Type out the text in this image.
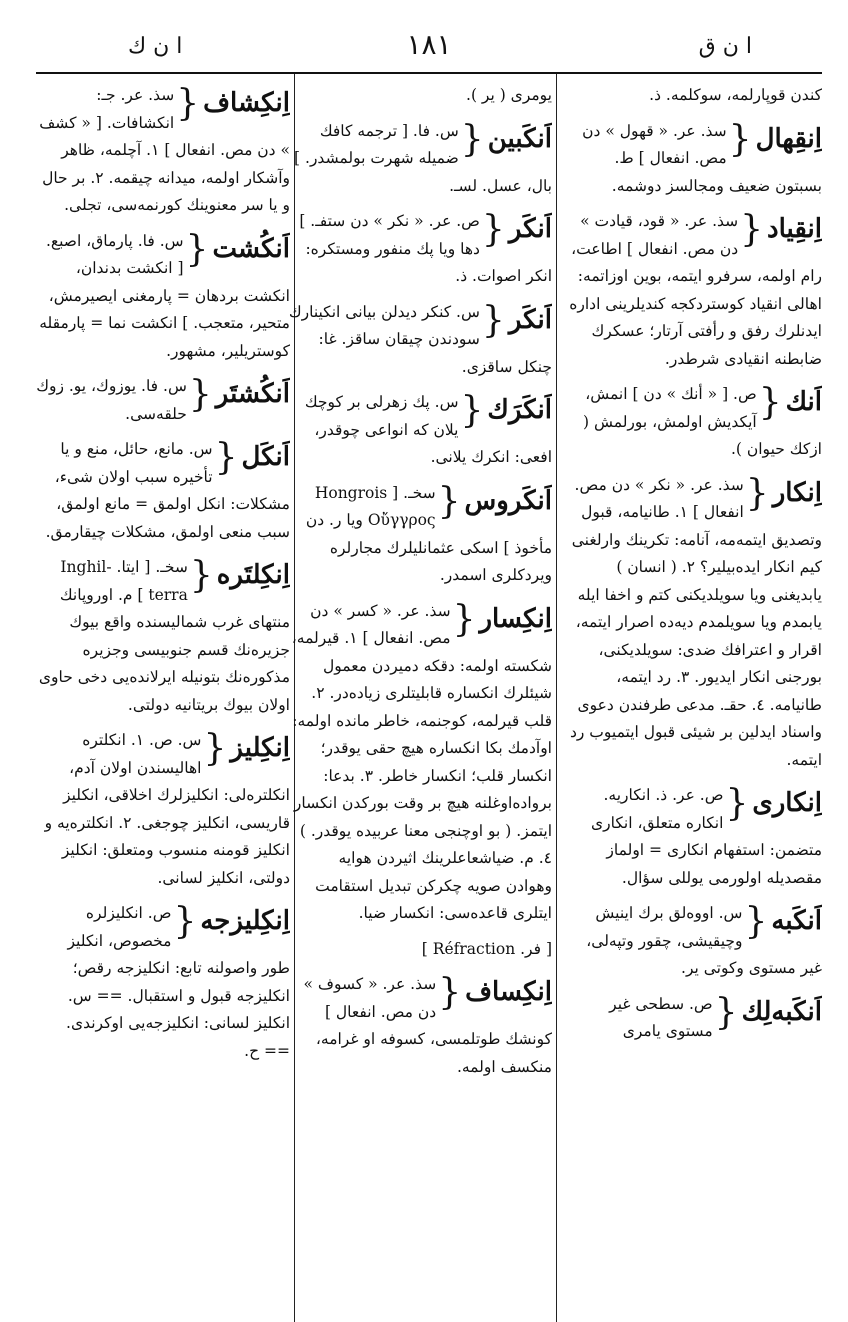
ا ن ك	۱۸۱	ا ن ق
کندن قوپارلمه، سوکلمه. ذ.
اِنقِهال
{
سذ. عر. « قهول » دن مص. انفعال ] ط. بسبتون ضعیف ومجالسز دوشمه.
اِنقِیاد
{
سذ. عر. « قود، قيادت » دن مص. انفعال ] اطاعت، رام اولمه، سرفرو ايتمه، بوين اوزاتمه: اهالی انقیاد کوستردکجه کندیلرینی اداره ایدنلرك رفق و رأفتی آرتار؛ عسکرك ضابطنه انقيادى شرطدر.
اَنك
{
ص. [ « أنك » دن ] انمش، آيكديش اولمش، بورلمش ( ازكك حيوان ).
اِنكار
{
سذ. عر. « نكر » دن مص. انفعال ] ۱. طانيامه، قبول وتصديق ايتمه‌مه، آنامه: تكرينك وارلغنی كيم انكار ايده‌بيلير؟ ۲. ( انسان ) يابديغنی ويا سويلديكنی كتم و اخفا ايله يابمدم ويا سويلمدم ديه‌ده اصرار ايتمه، اقرار و اعترافك ضدی: سويلديكنی، بورجنی انكار ايديور. ۳. رد ايتمه، طانيامه. ٤. حقـ. مدعی طرفندن دعوی واسناد ايدلين بر شيئی قبول ايتميوب رد ايتمه.
اِنكاری
{
ص. عر. ذ. انكاريه. انكاره متعلق، انكاری متضمن: استفهام انكاری = اولماز مقصديله اولورمی يوللی سؤال.
اَنكَبه
{
س. اووه‌لق برك اينيش وچيقيشی، چقور وتپه‌لی، غير مستوی وكوتی ير.
اَنكَبه‌لِك
{
ص. سطحی غير مستوی يامری
يومری ( ير ).
اَنكَبين
{
س. فا. [ ترجمه كافك ضميله شهرت بولمشدر. ] بال، عسل. لسـ.
اَنكَر
{
ص. عر. « نكر » دن ستفـ. ] دها ويا پك منفور ومستكره: انكر اصوات. ذ.
اَنكَر
{
س. كنكر ديدلن بيانی انكينارك سودندن چيقان ساقز. غا: چنكل ساقزی.
اَنكَرَك
{
س. پك زهرلی بر كوچك يلان كه انواعی چوقدر، افعی: انكرك يلانی.
اَنكَروس
{
سخـ. Hongrois ] Οὔγγρος ويا ر. دن مأخوذ ] اسكی عثمانليلرك مجارلره ويردكلری اسمدر.
اِنكِسار
{
سذ. عر. « كسر » دن مص. انفعال ] ۱. قيرلمه، شكسته اولمه: دقكه دميردن معمول شيئلرك انكساره قابليتلری زياده‌در. ۲. قلب قيرلمه، كوجنمه، خاطر مانده اولمه: اوآدمك بكا انكساره هيچ حقی يوقدر؛ انكسار قلب؛ انكسار خاطر. ۳. بدعا: برواده‌اوغلنه هيچ بر وقت بوركدن انكسار ايتمز. ( بو اوچنجی معنا عربيده يوقدر. ) ٤. م. ضياشعاعلرينك اثيردن هوايه وهوادن صويه چكركن تبديل استقامت ايتلری قاعده‌سی: انكسار ضيا.
[ فر. Réfraction ]
اِنكِساف
{
سذ. عر. « كسوف » دن مص. انفعال ] كونشك طوتلمسی، كسوفه او غرامه، منكسف اولمه.
اِنكِشاف
{
سذ. عر. جـ: انكشافات. [ « كشف » دن مص. انفعال ] ۱. آچلمه، ظاهر وآشكار اولمه، ميدانه چيقمه. ۲. بر حال و يا سر معنوينك كورنمه‌سی، تجلی.
اَنكُشت
{
س. فا. پارماق، اصبع. [ انكشت بدندان، انكشت بردهان = پارمغنی ايصيرمش، متحير، متعجب. ] انكشت نما = پارمقله كوستريلير، مشهور.
اَنكُشتَر
{
س. فا. يوزوك، يو. زوك حلقه‌سی.
اَنكَل
{
س. مانع، حائل، منع و يا تأخيره سبب اولان شیء، مشكلات: انكل اولمق = مانع اولمق، سبب منعی اولمق، مشكلات چيقارمق.
اِنكِلتَره
{
سخـ. [ ايتا. Inghil-terra ] م. اوروپانك منتهای غرب شماليسنده واقع بيوك جزيره‌نك قسم جنوبيسی وجزيره مذكوره‌نك بتونيله ايرلانده‌يی دخی حاوی اولان بيوك بريتانيه دولتی.
اِنكِليز
{
س. ص. ۱. انكلتره اهاليسندن اولان آدم، انكلتره‌لی: انكليزلرك اخلاقی، انكليز قاريسی، انكليز چوجغی. ۲. انكلتره‌يه و انكليز قومنه منسوب ومتعلق: انكليز دولتی، انكليز لسانی.
اِنكِليزجه
{
ص. انكليزلره مخصوص، انكليز طور واصولنه تابع: انكليزجه رقص؛ انكليزجه قبول و استقبال. == س. انكليز لسانی: انكليزجه‌يی اوكرندی. == ح.
